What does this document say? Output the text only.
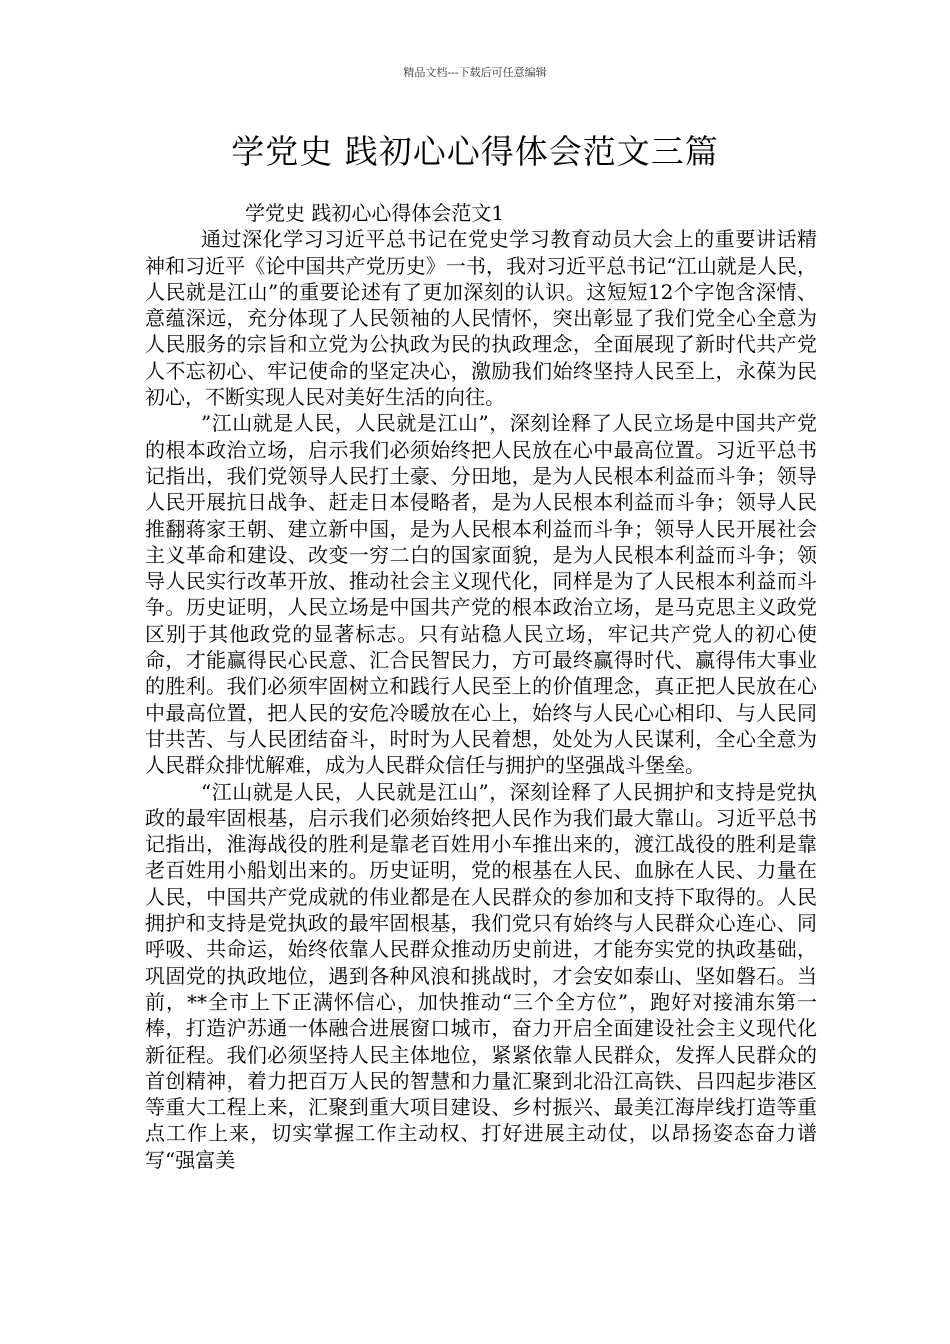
精品文档---下载后可任意编辑
学党史 践初心心得体会范文三篇

学党史 践初心心得体会范文1

通过深化学习习近平总书记在党史学习教育动员大会上的重要讲话精神和习近平《论中国共产党历史》一书，我对习近平总书记“江山就是人民，人民就是江山”的重要论述有了更加深刻的认识。这短短12个字饱含深情、意蕴深远，充分体现了人民领袖的人民情怀，突出彰显了我们党全心全意为人民服务的宗旨和立党为公执政为民的执政理念，全面展现了新时代共产党人不忘初心、牢记使命的坚定决心，激励我们始终坚持人民至上，永葆为民初心，不断实现人民对美好生活的向往。

”江山就是人民，人民就是江山”，深刻诠释了人民立场是中国共产党的根本政治立场，启示我们必须始终把人民放在心中最高位置。习近平总书记指出，我们党领导人民打土豪、分田地，是为人民根本利益而斗争；领导人民开展抗日战争、赶走日本侵略者，是为人民根本利益而斗争；领导人民推翻蒋家王朝、建立新中国，是为人民根本利益而斗争；领导人民开展社会主义革命和建设、改变一穷二白的国家面貌，是为人民根本利益而斗争；领导人民实行改革开放、推动社会主义现代化，同样是为了人民根本利益而斗争。历史证明，人民立场是中国共产党的根本政治立场，是马克思主义政党区别于其他政党的显著标志。只有站稳人民立场，牢记共产党人的初心使命，才能赢得民心民意、汇合民智民力，方可最终赢得时代、赢得伟大事业的胜利。我们必须牢固树立和践行人民至上的价值理念，真正把人民放在心中最高位置，把人民的安危冷暖放在心上，始终与人民心心相印、与人民同甘共苦、与人民团结奋斗，时时为人民着想，处处为人民谋利，全心全意为人民群众排忧解难，成为人民群众信任与拥护的坚强战斗堡垒。

“江山就是人民，人民就是江山”，深刻诠释了人民拥护和支持是党执政的最牢固根基，启示我们必须始终把人民作为我们最大靠山。习近平总书记指出，淮海战役的胜利是靠老百姓用小车推出来的，渡江战役的胜利是靠老百姓用小船划出来的。历史证明，党的根基在人民、血脉在人民、力量在人民，中国共产党成就的伟业都是在人民群众的参加和支持下取得的。人民拥护和支持是党执政的最牢固根基，我们党只有始终与人民群众心连心、同呼吸、共命运，始终依靠人民群众推动历史前进，才能夯实党的执政基础，巩固党的执政地位，遇到各种风浪和挑战时，才会安如泰山、坚如磐石。当前，**全市上下正满怀信心，加快推动“三个全方位”，跑好对接浦东第一棒，打造沪苏通一体融合进展窗口城市，奋力开启全面建设社会主义现代化新征程。我们必须坚持人民主体地位，紧紧依靠人民群众，发挥人民群众的首创精神，着力把百万人民的智慧和力量汇聚到北沿江高铁、吕四起步港区等重大工程上来，汇聚到重大项目建设、乡村振兴、最美江海岸线打造等重点工作上来，切实掌握工作主动权、打好进展主动仗，以昂扬姿态奋力谱写“强富美
